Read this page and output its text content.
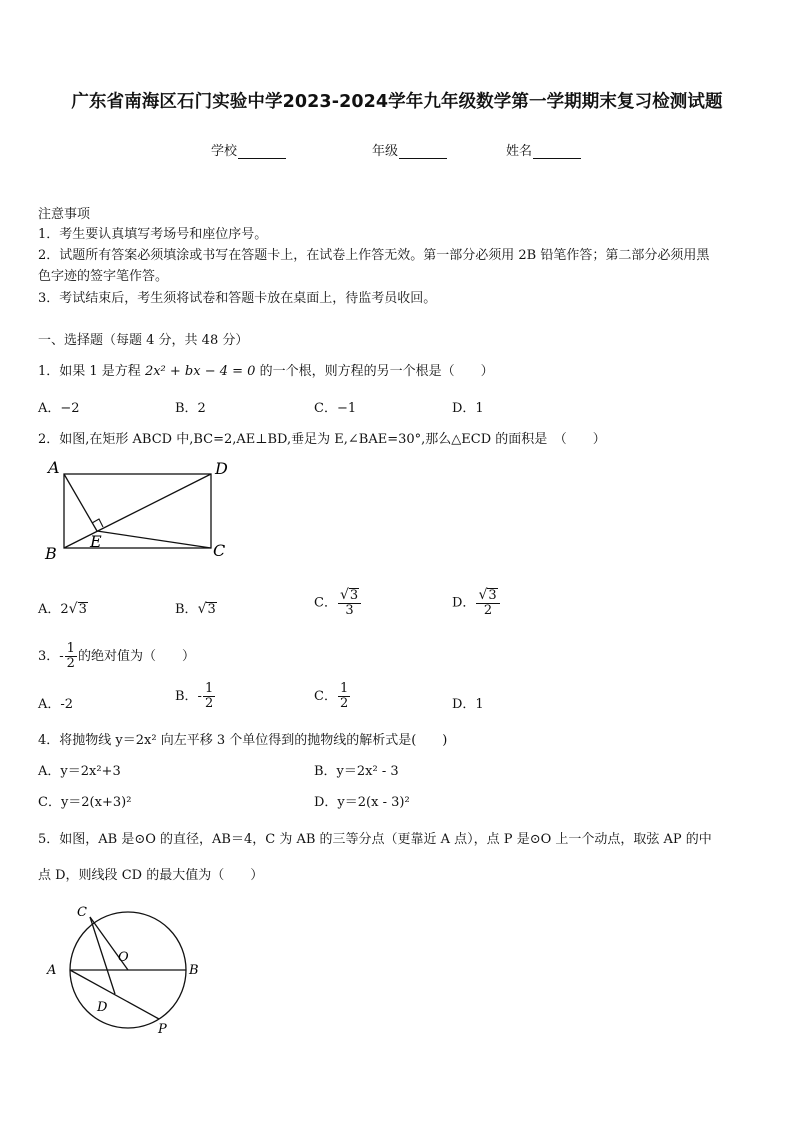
广东省南海区石门实验中学2023-2024学年九年级数学第一学期期末复习检测试题
学校	年级	姓名
注意事项
1．考生要认真填写考场号和座位序号。
2．试题所有答案必须填涂或书写在答题卡上，在试卷上作答无效。第一部分必须用 2B 铅笔作答；第二部分必须用黑
色字迹的签字笔作答。
3．考试结束后，考生须将试卷和答题卡放在桌面上，待监考员收回。
一、选择题（每题 4 分，共 48 分）
1．如果 1 是方程 2x² + bx − 4 = 0 的一个根，则方程的另一个根是（　　）
A．−2	B．2	C．−1	D．1
2．如图,在矩形 ABCD 中,BC=2,AE⊥BD,垂足为 E,∠BAE=30°,那么△ECD 的面积是　（　　）
A	D
B	C
E
A．2√3	B．√3	C． $\frac{√3}{3}$	D． $\frac{√3}{2}$
3．- $\frac{1}{2}$ 的绝对值为（　　）
A．-2
B．- $\frac{1}{2}$	C． $\frac{1}{2}$	D．1
4．将抛物线 y＝2x² 向左平移 3 个单位得到的抛物线的解析式是(　　)
A．y＝2x²+3	B．y＝2x² - 3
C．y＝2(x+3)²	D．y＝2(x - 3)²
5．如图，AB 是⊙O 的直径，AB＝4，C 为 AB 的三等分点（更靠近 A 点），点 P 是⊙O 上一个动点，取弦 AP 的中
点 D，则线段 CD 的最大值为（　　）
C
O
A	B
D
P
